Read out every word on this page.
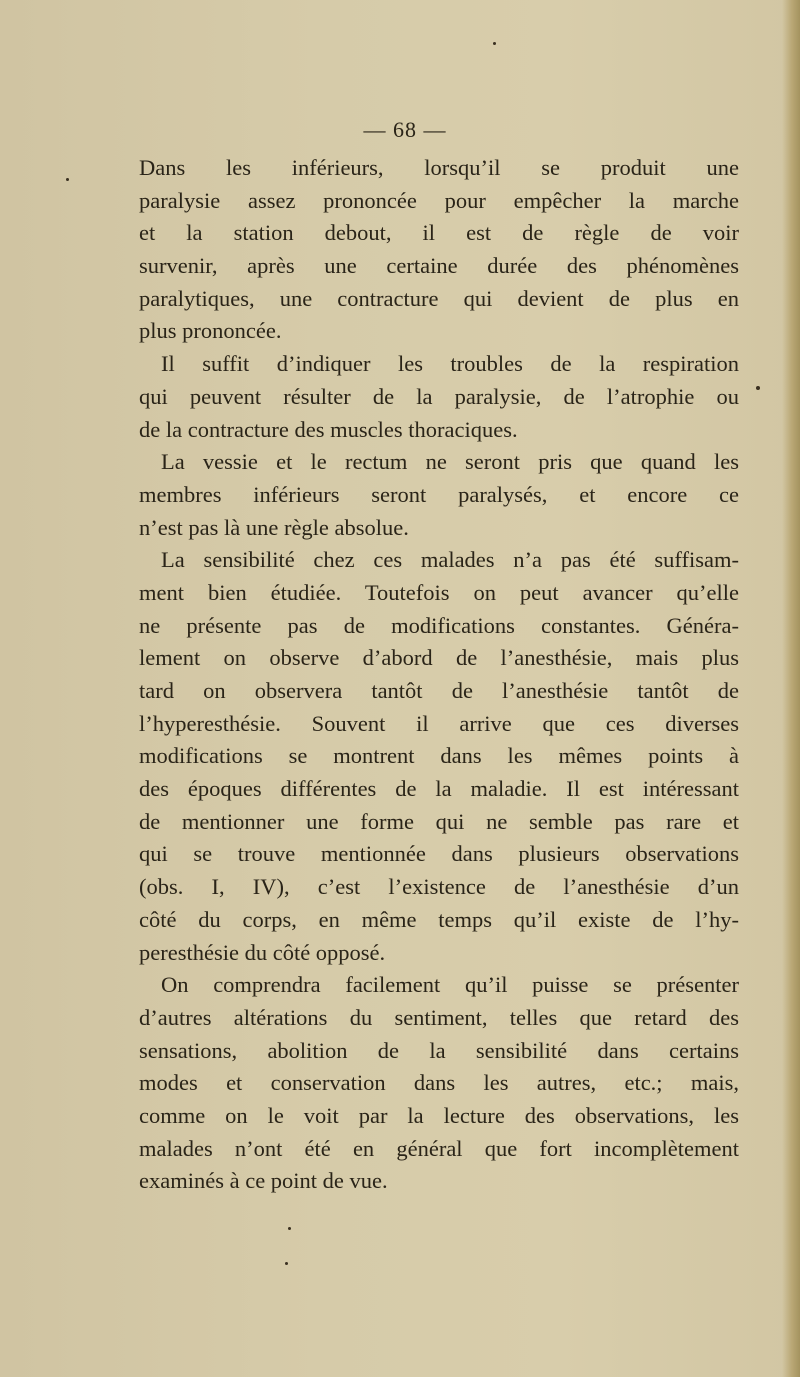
— 68 —
Dans les inférieurs, lorsqu’il se produit une
paralysie assez prononcée pour empêcher la marche
et la station debout, il est de règle de voir
survenir, après une certaine durée des phénomènes
paralytiques, une contracture qui devient de plus en
plus prononcée.
Il suffit d’indiquer les troubles de la respiration
qui peuvent résulter de la paralysie, de l’atrophie ou
de la contracture des muscles thoraciques.
La vessie et le rectum ne seront pris que quand les
membres inférieurs seront paralysés, et encore ce
n’est pas là une règle absolue.
La sensibilité chez ces malades n’a pas été suffisam-
ment bien étudiée. Toutefois on peut avancer qu’elle
ne présente pas de modifications constantes. Généra-
lement on observe d’abord de l’anesthésie, mais plus
tard on observera tantôt de l’anesthésie tantôt de
l’hyperesthésie. Souvent il arrive que ces diverses
modifications se montrent dans les mêmes points à
des époques différentes de la maladie. Il est intéressant
de mentionner une forme qui ne semble pas rare et
qui se trouve mentionnée dans plusieurs observations
(obs. I, IV), c’est l’existence de l’anesthésie d’un
côté du corps, en même temps qu’il existe de l’hy-
peresthésie du côté opposé.
On comprendra facilement qu’il puisse se présenter
d’autres altérations du sentiment, telles que retard des
sensations, abolition de la sensibilité dans certains
modes et conservation dans les autres, etc.; mais,
comme on le voit par la lecture des observations, les
malades n’ont été en général que fort incomplètement
examinés à ce point de vue.
